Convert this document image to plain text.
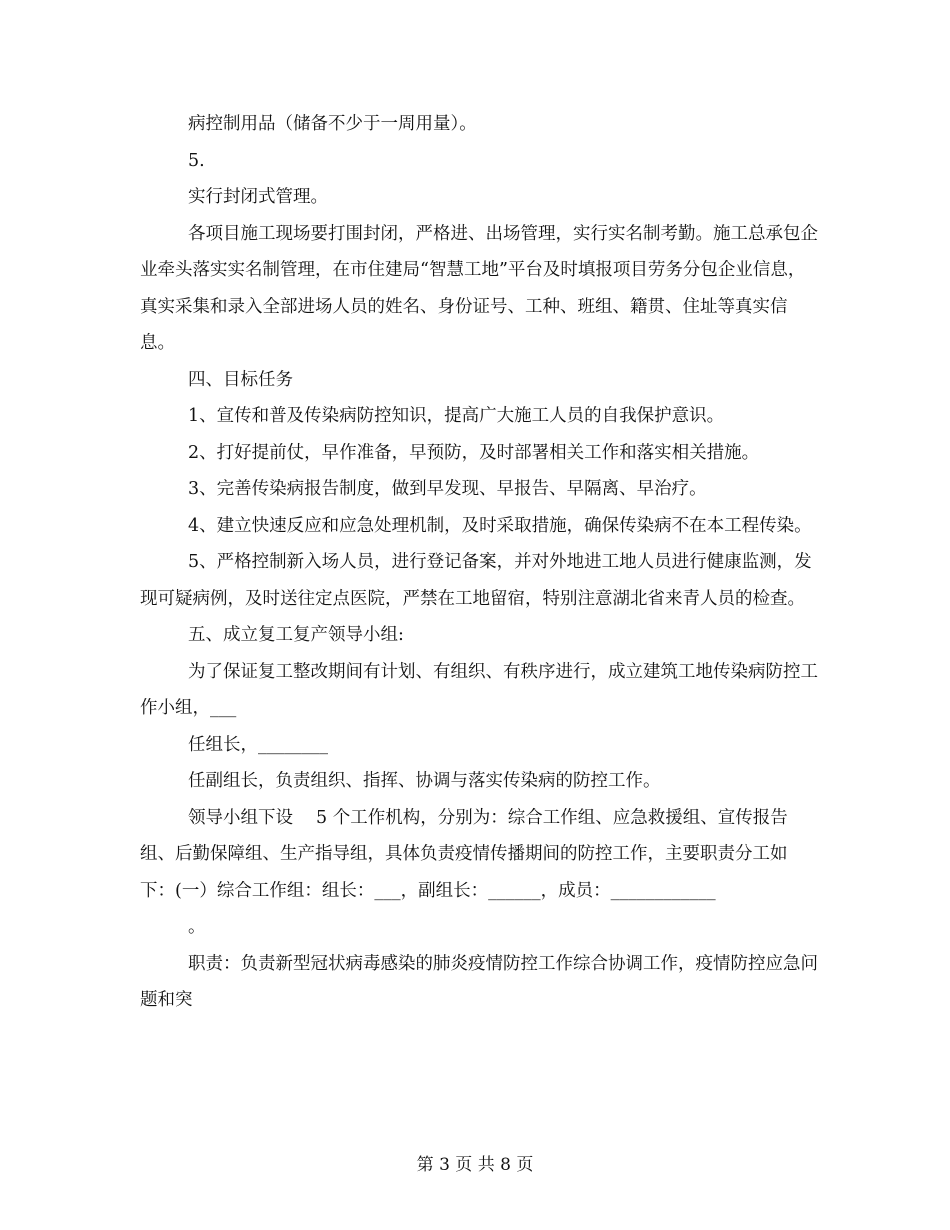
病控制用品（储备不少于一周用量）。

5.

实行封闭式管理。

各项目施工现场要打围封闭，严格进、出场管理，实行实名制考勤。施工总承包企业牵头落实实名制管理，在市住建局“智慧工地”平台及时填报项目劳务分包企业信息，真实采集和录入全部进场人员的姓名、身份证号、工种、班组、籍贯、住址等真实信息。

四、目标任务

1、宣传和普及传染病防控知识，提高广大施工人员的自我保护意识。

2、打好提前仗，早作准备，早预防，及时部署相关工作和落实相关措施。

3、完善传染病报告制度，做到早发现、早报告、早隔离、早治疗。

4、建立快速反应和应急处理机制，及时采取措施，确保传染病不在本工程传染。

5、严格控制新入场人员，进行登记备案，并对外地进工地人员进行健康监测，发现可疑病例，及时送往定点医院，严禁在工地留宿，特别注意湖北省来青人员的检查。

五、成立复工复产领导小组:

为了保证复工整改期间有计划、有组织、有秩序进行，成立建筑工地传染病防控工作小组，___

任组长，________

任副组长，负责组织、指挥、协调与落实传染病的防控工作。

领导小组下设　 5 个工作机构，分别为：综合工作组、应急救援组、宣传报告组、后勤保障组、生产指导组，具体负责疫情传播期间的防控工作，主要职责分工如下：(一）综合工作组：组长：___，副组长：______，成员：____________

。

职责：负责新型冠状病毒感染的肺炎疫情防控工作综合协调工作，疫情防控应急问题和突

第 3 页 共 8 页
